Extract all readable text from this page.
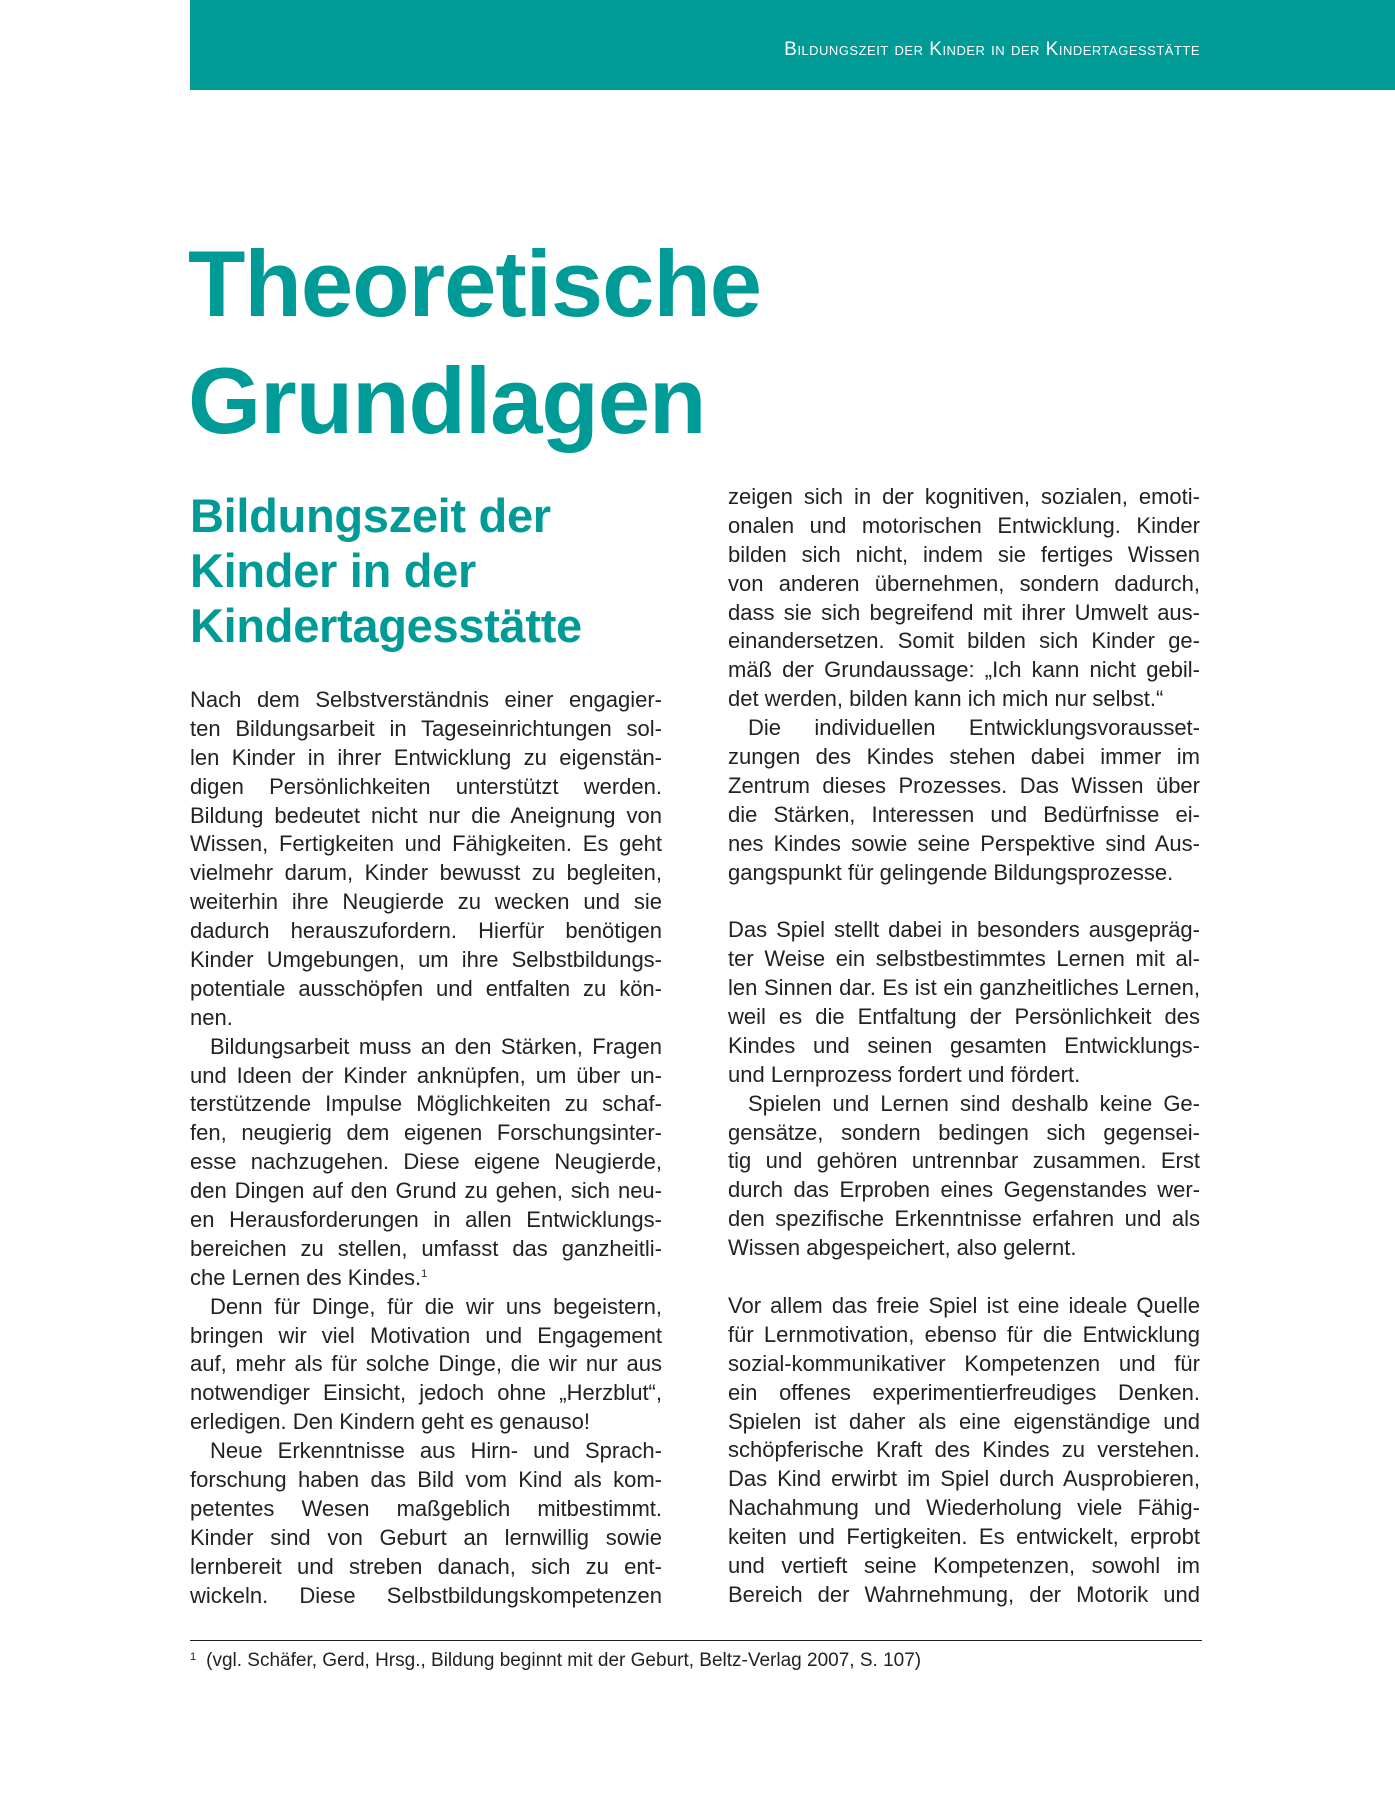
Bildungszeit der Kinder in der Kindertagesstätte
Theoretische
Grundlagen
Bildungszeit der
Kinder in der
Kindertagesstätte
Nach dem Selbstverständnis einer engagier-
ten Bildungsarbeit in Tageseinrichtungen sol-
len Kinder in ihrer Entwicklung zu eigenstän-
digen Persönlichkeiten unterstützt werden.
Bildung bedeutet nicht nur die Aneignung von
Wissen, Fertigkeiten und Fähigkeiten. Es geht
vielmehr darum, Kinder bewusst zu begleiten,
weiterhin ihre Neugierde zu wecken und sie
dadurch herauszufordern. Hierfür benötigen
Kinder Umgebungen, um ihre Selbstbildungs-
potentiale ausschöpfen und entfalten zu kön-
nen.
Bildungsarbeit muss an den Stärken, Fragen
und Ideen der Kinder anknüpfen, um über un-
terstützende Impulse Möglichkeiten zu schaf-
fen, neugierig dem eigenen Forschungsinter-
esse nachzugehen. Diese eigene Neugierde,
den Dingen auf den Grund zu gehen, sich neu-
en Herausforderungen in allen Entwicklungs-
bereichen zu stellen, umfasst das ganzheitli-
che Lernen des Kindes.$^1$
Denn für Dinge, für die wir uns begeistern,
bringen wir viel Motivation und Engagement
auf, mehr als für solche Dinge, die wir nur aus
notwendiger Einsicht, jedoch ohne „Herzblut“,
erledigen. Den Kindern geht es genauso!
Neue Erkenntnisse aus Hirn- und Sprach-
forschung haben das Bild vom Kind als kom-
petentes Wesen maßgeblich mitbestimmt.
Kinder sind von Geburt an lernwillig sowie
lernbereit und streben danach, sich zu ent-
wickeln. Diese Selbstbildungskompetenzen
zeigen sich in der kognitiven, sozialen, emoti-
onalen und motorischen Entwicklung. Kinder
bilden sich nicht, indem sie fertiges Wissen
von anderen übernehmen, sondern dadurch,
dass sie sich begreifend mit ihrer Umwelt aus-
einandersetzen. Somit bilden sich Kinder ge-
mäß der Grundaussage: „Ich kann nicht gebil-
det werden, bilden kann ich mich nur selbst.“
Die individuellen Entwicklungsvorausset-
zungen des Kindes stehen dabei immer im
Zentrum dieses Prozesses. Das Wissen über
die Stärken, Interessen und Bedürfnisse ei-
nes Kindes sowie seine Perspektive sind Aus-
gangspunkt für gelingende Bildungsprozesse.
Das Spiel stellt dabei in besonders ausgepräg-
ter Weise ein selbstbestimmtes Lernen mit al-
len Sinnen dar. Es ist ein ganzheitliches Lernen,
weil es die Entfaltung der Persönlichkeit des
Kindes und seinen gesamten Entwicklungs-
und Lernprozess fordert und fördert.
Spielen und Lernen sind deshalb keine Ge-
gensätze, sondern bedingen sich gegensei-
tig und gehören untrennbar zusammen. Erst
durch das Erproben eines Gegenstandes wer-
den spezifische Erkenntnisse erfahren und als
Wissen abgespeichert, also gelernt.
Vor allem das freie Spiel ist eine ideale Quelle
für Lernmotivation, ebenso für die Entwicklung
sozial-kommunikativer Kompetenzen und für
ein offenes experimentierfreudiges Denken.
Spielen ist daher als eine eigenständige und
schöpferische Kraft des Kindes zu verstehen.
Das Kind erwirbt im Spiel durch Ausprobieren,
Nachahmung und Wiederholung viele Fähig-
keiten und Fertigkeiten. Es entwickelt, erprobt
und vertieft seine Kompetenzen, sowohl im
Bereich der Wahrnehmung, der Motorik und
$^1$ (vgl. Schäfer, Gerd, Hrsg., Bildung beginnt mit der Geburt, Beltz-Verlag 2007, S. 107)
